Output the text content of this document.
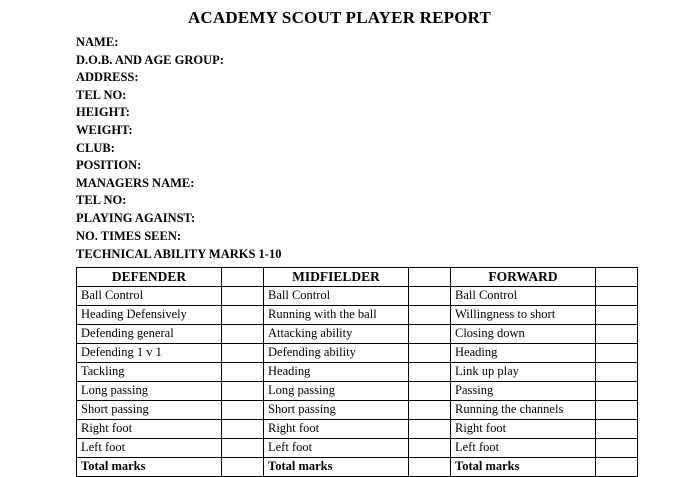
ACADEMY SCOUT PLAYER REPORT
NAME:
D.O.B. AND AGE GROUP:
ADDRESS:
TEL NO:
HEIGHT:
WEIGHT:
CLUB:
POSITION:
MANAGERS NAME:
TEL NO:
PLAYING AGAINST:
NO. TIMES SEEN:
TECHNICAL ABILITY MARKS 1-10
DEFENDER		MIDFIELDER		FORWARD	
Ball Control		Ball Control		Ball Control	
Heading Defensively		Running with the ball		Willingness to short	
Defending general		Attacking ability		Closing down	
Defending 1 v 1		Defending ability		Heading	
Tackling		Heading		Link up play	
Long passing		Long passing		Passing	
Short passing		Short passing		Running the channels	
Right foot		Right foot		Right foot	
Left foot		Left foot		Left foot	
Total marks		Total marks		Total marks	
